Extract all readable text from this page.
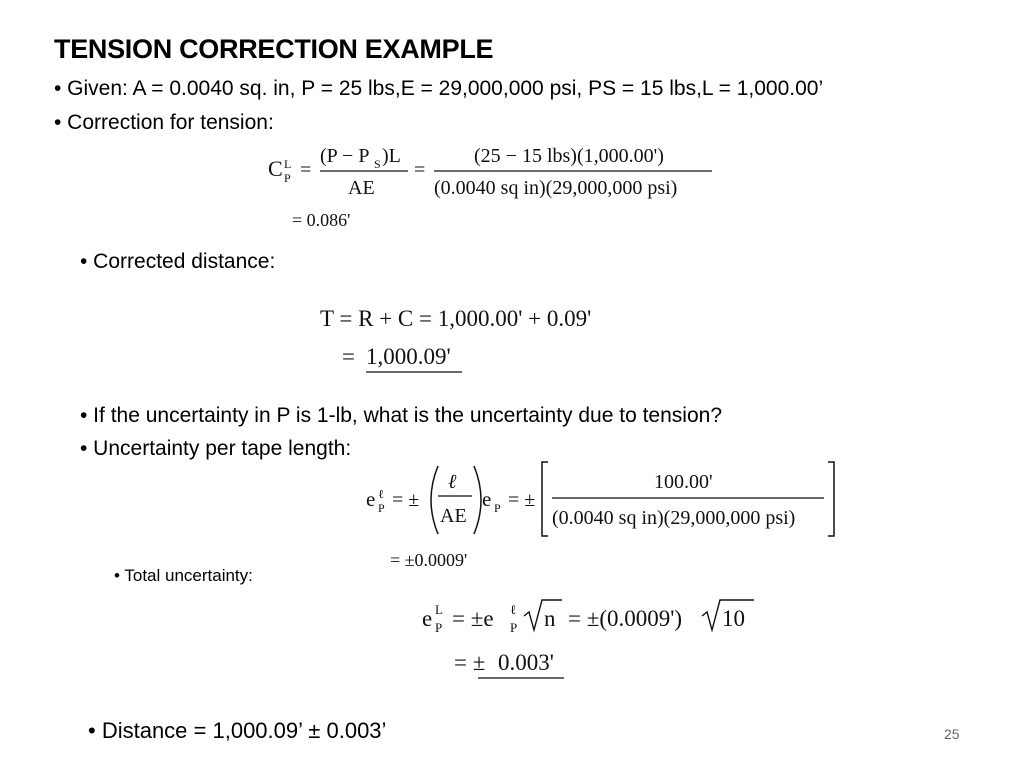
TENSION CORRECTION EXAMPLE
• Given: A = 0.0040 sq. in, P = 25 lbs,E = 29,000,000 psi, PS = 15 lbs,L = 1,000.00’
• Correction for tension:
C L
P =
(P − P S )L
AE
=
(25 − 15 lbs)(1,000.00')
(0.0040 sq in)(29,000,000 psi)
= 0.086'
• Corrected distance:
T = R + C = 1,000.00' + 0.09'
= 1,000.09'
• If the uncertainty in P is 1-lb, what is the uncertainty due to tension?
• Uncertainty per tape length:
e ℓ
P = ±
ℓ
AE
e P = ±
100.00'
(0.0040 sq in)(29,000,000 psi)
= ±0.0009'
• Total uncertainty:
e L
P = ±e ℓ
P n = ±(0.0009') 10
= ± 0.003'
• Distance = 1,000.09’ ± 0.003’	25
